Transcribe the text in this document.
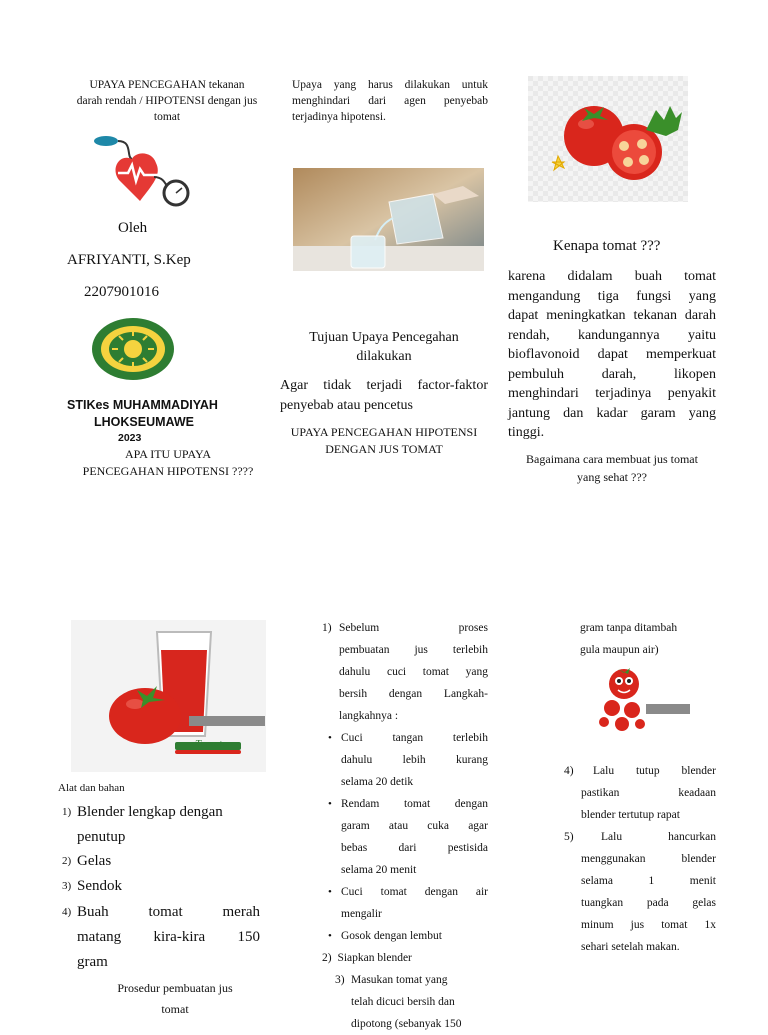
UPAYA PENCEGAHAN tekanan
darah rendah / HIPOTENSI dengan jus
tomat
Oleh
AFRIYANTI, S.Kep
2207901016
STIKes MUHAMMADIYAH
LHOKSEUMAWE
2023
APA ITU UPAYA
PENCEGAHAN HIPOTENSI ????
Upaya yang harus dilakukan untuk
menghindari dari agen penyebab
terjadinya hipotensi.
Tujuan Upaya Pencegahan
dilakukan
Agar tidak terjadi factor-faktor
penyebab atau pencetus
UPAYA PENCEGAHAN HIPOTENSI
DENGAN JUS TOMAT
Kenapa tomat ???
karena didalam buah tomat
mengandung tiga fungsi yang
dapat meningkatkan tekanan darah
rendah, kandungannya yaitu
bioflavonoid dapat memperkuat
pembuluh darah, likopen
menghindari terjadinya penyakit
jantung dan kadar garam yang
tinggi.
Bagaimana cara membuat jus tomat
yang sehat ???
Tomato
Alat dan bahan
1) Blender lengkap dengan
penutup
2) Gelas
3) Sendok
4) Buah tomat merah
matang kira-kira 150
gram
Prosedur pembuatan jus
tomat
1) Sebelum proses
pembuatan jus terlebih
dahulu cuci tomat yang
bersih dengan Langkah-
langkahnya :
• Cuci tangan terlebih
dahulu lebih kurang
selama 20 detik
• Rendam tomat dengan
garam atau cuka agar
bebas dari pestisida
selama 20 menit
• Cuci tomat dengan air
mengalir
• Gosok dengan lembut
2) Siapkan blender
3) Masukan tomat yang
telah dicuci bersih dan
dipotong (sebanyak 150
gram tanpa ditambah
gula maupun air)
4)	Lalu tutup blender
pastikan keadaan
blender tertutup rapat
5)	Lalu hancurkan
menggunakan blender
selama 1 menit
tuangkan pada gelas
minum jus tomat 1x
sehari setelah makan.
